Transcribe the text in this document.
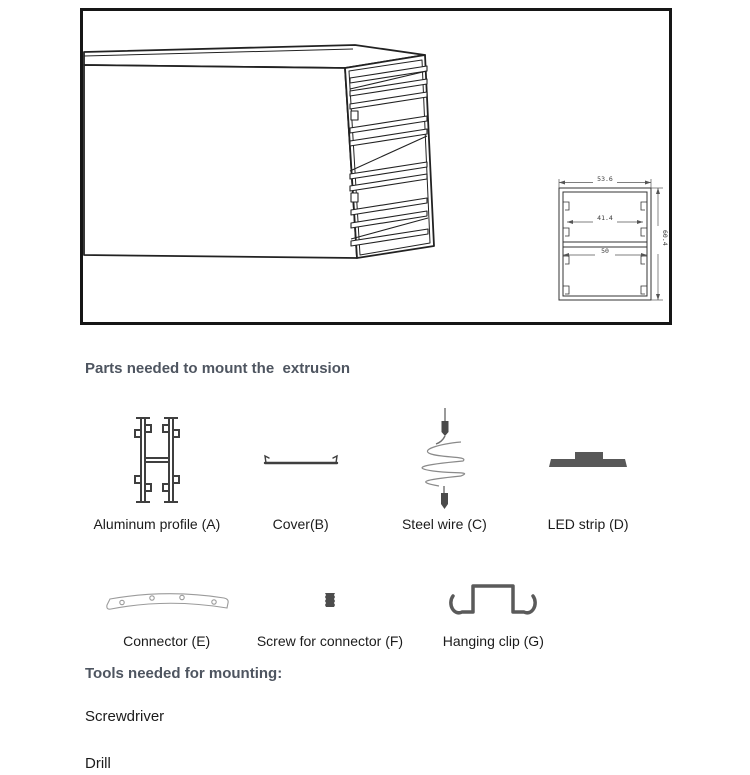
53.6
41.4
50
60.4
Parts needed to mount the  extrusion
Aluminum profile (A)	Cover(B)	Steel wire (C)	LED strip (D)
Connector (E)	Screw for connector (F)	Hanging clip (G)
Tools needed for mounting:

Screwdriver

Drill
